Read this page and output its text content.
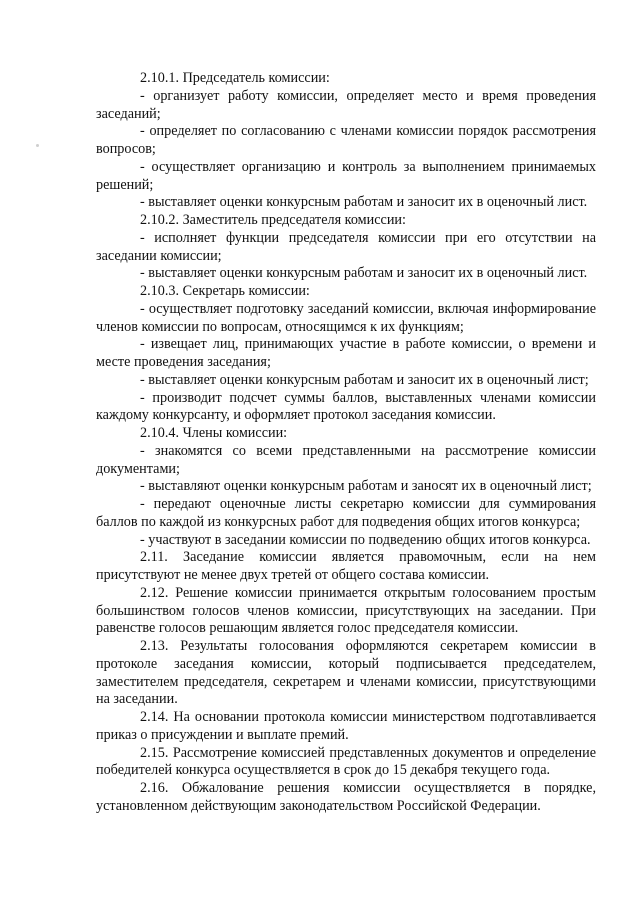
2.10.1. Председатель комиссии:

- организует работу комиссии, определяет место и время проведения заседаний;

- определяет по согласованию с членами комиссии порядок рассмотрения вопросов;

- осуществляет организацию и контроль за выполнением принимаемых решений;

- выставляет оценки конкурсным работам и заносит их в оценочный лист.

2.10.2. Заместитель председателя комиссии:

- исполняет функции председателя комиссии при его отсутствии на заседании комиссии;

- выставляет оценки конкурсным работам и заносит их в оценочный лист.

2.10.3. Секретарь комиссии:

- осуществляет подготовку заседаний комиссии, включая информирование членов комиссии по вопросам, относящимся к их функциям;

- извещает лиц, принимающих участие в работе комиссии, о времени и месте проведения заседания;

- выставляет оценки конкурсным работам и заносит их в оценочный лист;

- производит подсчет суммы баллов, выставленных членами комиссии каждому конкурсанту, и оформляет протокол заседания комиссии.

2.10.4. Члены комиссии:

- знакомятся со всеми представленными на рассмотрение комиссии документами;

- выставляют оценки конкурсным работам и заносят их в оценочный лист;

- передают оценочные листы секретарю комиссии для суммирования баллов по каждой из конкурсных работ для подведения общих итогов конкурса;

- участвуют в заседании комиссии по подведению общих итогов конкурса.

2.11. Заседание комиссии является правомочным, если на нем присутствуют не менее двух третей от общего состава комиссии.

2.12. Решение комиссии принимается открытым голосованием простым большинством голосов членов комиссии, присутствующих на заседании. При равенстве голосов решающим является голос председателя комиссии.

2.13. Результаты голосования оформляются секретарем комиссии в протоколе заседания комиссии, который подписывается председателем, заместителем председателя, секретарем и членами комиссии, присутствующими на заседании.

2.14. На основании протокола комиссии министерством подготавливается приказ о присуждении и выплате премий.

2.15. Рассмотрение комиссией представленных документов и определение победителей конкурса осуществляется в срок до 15 декабря текущего года.

2.16. Обжалование решения комиссии осуществляется в порядке, установленном действующим законодательством Российской Федерации.
